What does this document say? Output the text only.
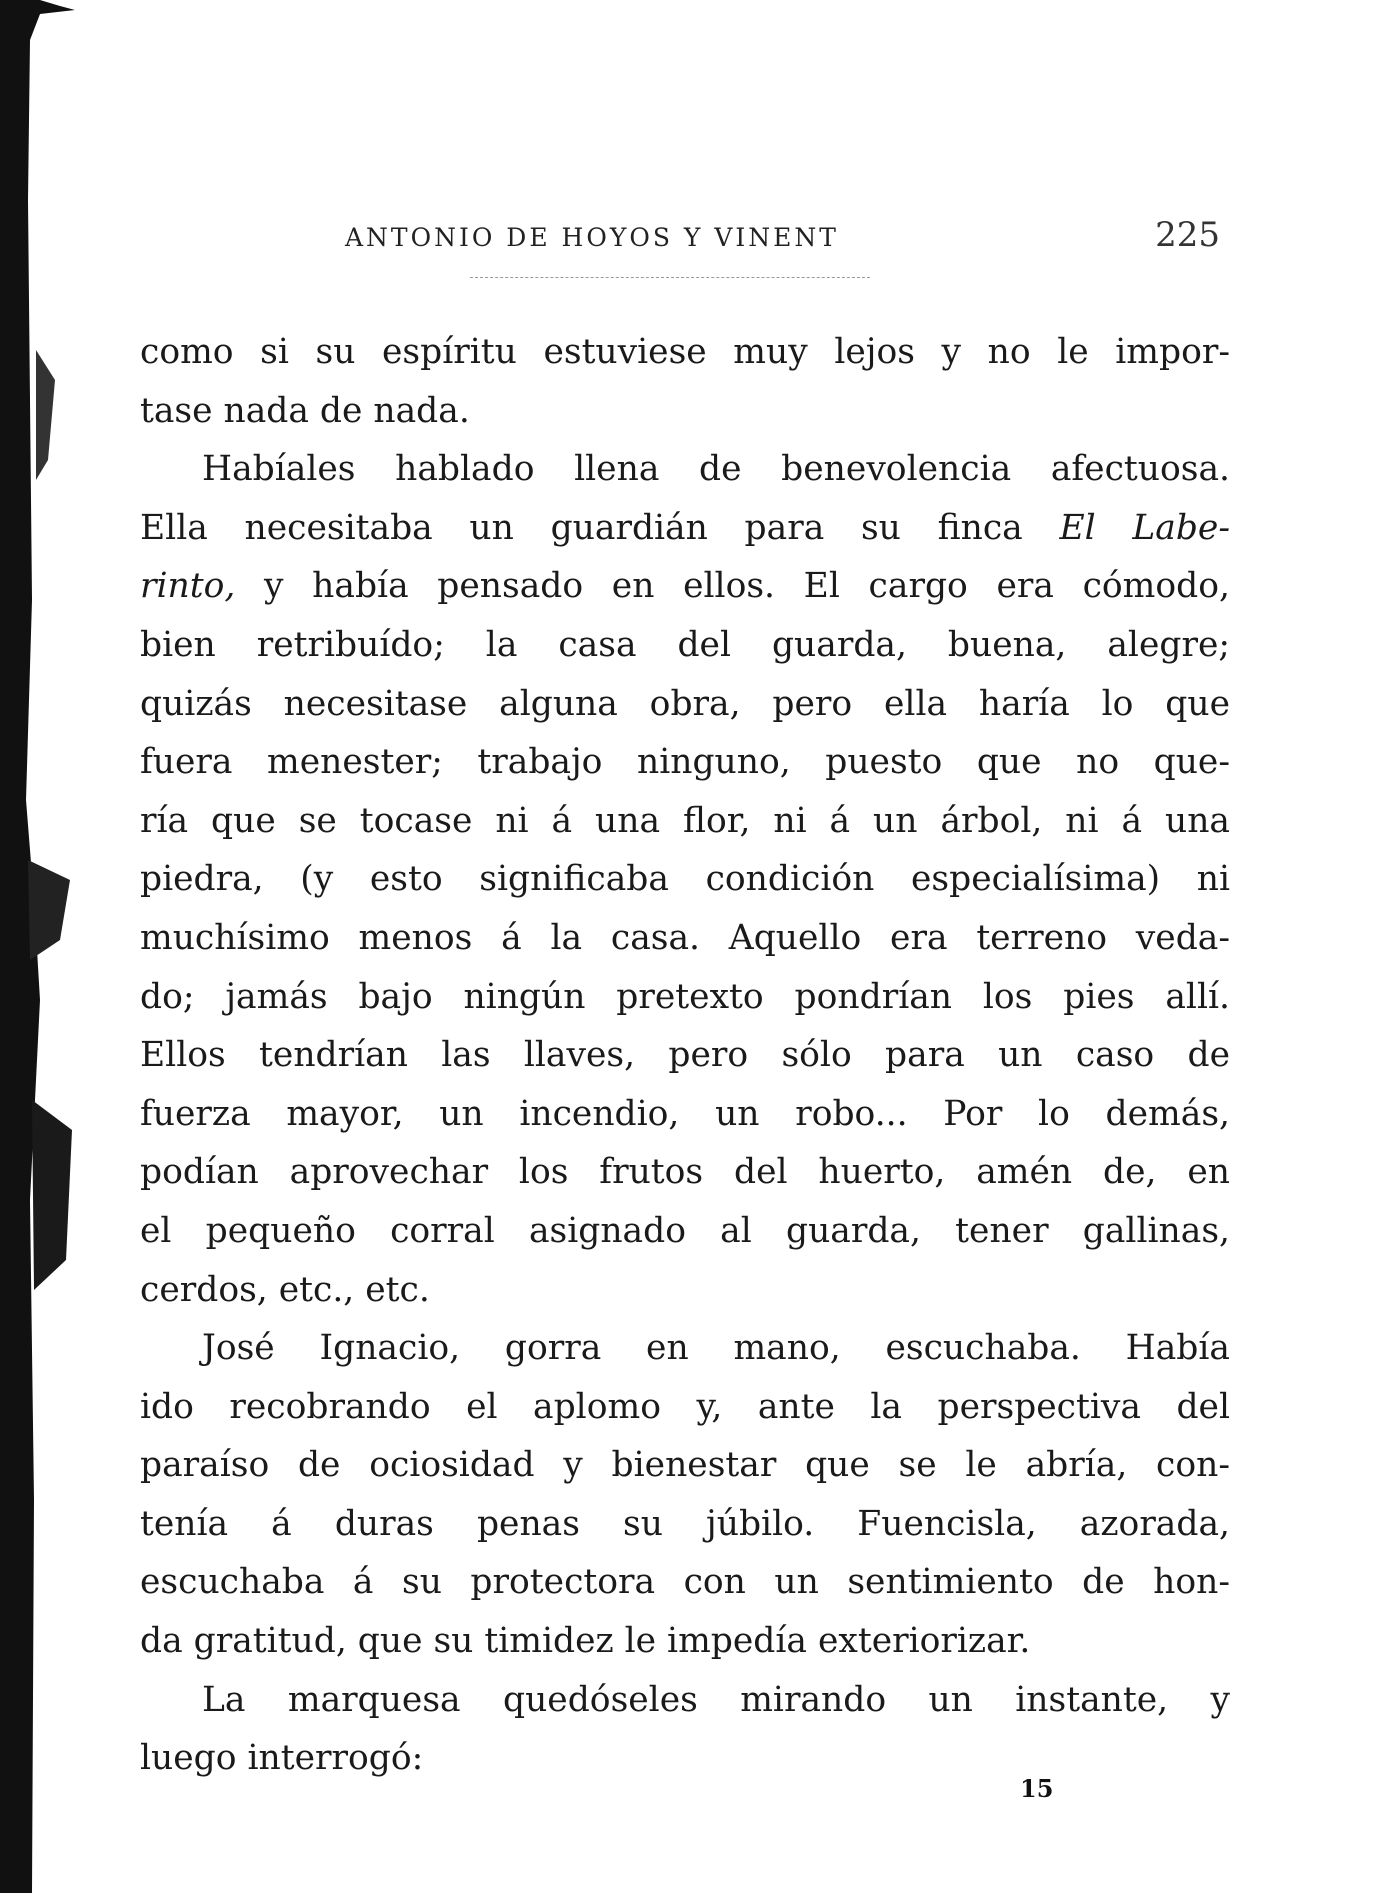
ANTONIO DE HOYOS Y VINENT	225
como si su espíritu estuviese muy lejos y no le impor-
tase nada de nada.
Habíales hablado llena de benevolencia afectuosa.
Ella necesitaba un guardián para su finca El Labe-
rinto, y había pensado en ellos. El cargo era cómodo,
bien retribuído; la casa del guarda, buena, alegre;
quizás necesitase alguna obra, pero ella haría lo que
fuera menester; trabajo ninguno, puesto que no que-
ría que se tocase ni á una flor, ni á un árbol, ni á una
piedra, (y esto significaba condición especialísima) ni
muchísimo menos á la casa. Aquello era terreno veda-
do; jamás bajo ningún pretexto pondrían los pies allí.
Ellos tendrían las llaves, pero sólo para un caso de
fuerza mayor, un incendio, un robo... Por lo demás,
podían aprovechar los frutos del huerto, amén de, en
el pequeño corral asignado al guarda, tener gallinas,
cerdos, etc., etc.
José Ignacio, gorra en mano, escuchaba. Había
ido recobrando el aplomo y, ante la perspectiva del
paraíso de ociosidad y bienestar que se le abría, con-
tenía á duras penas su júbilo. Fuencisla, azorada,
escuchaba á su protectora con un sentimiento de hon-
da gratitud, que su timidez le impedía exteriorizar.
La marquesa quedóseles mirando un instante, y
luego interrogó:
15
